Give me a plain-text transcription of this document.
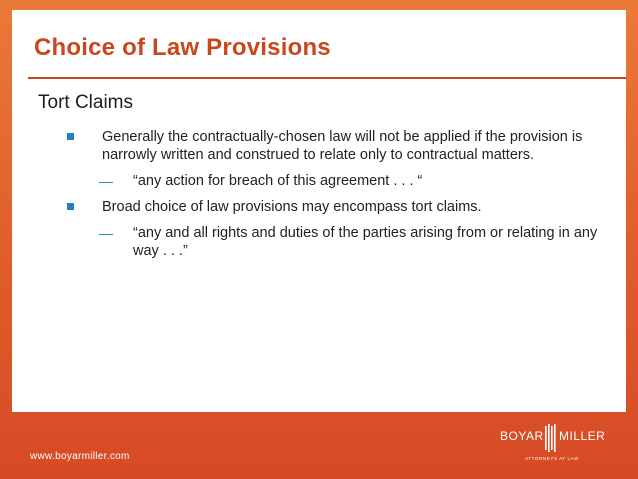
Choice of Law Provisions
Tort Claims
Generally the contractually-chosen law will not be applied if the provision is narrowly written and construed to relate only to contractual matters.
— “any action for breach of this agreement . . . “
Broad choice of law provisions may encompass tort claims.
— “any and all rights and duties of the parties arising from or relating in any way . . .”
www.boyarmiller.com
BOYAR MILLER
ATTORNEYS AT LAW
